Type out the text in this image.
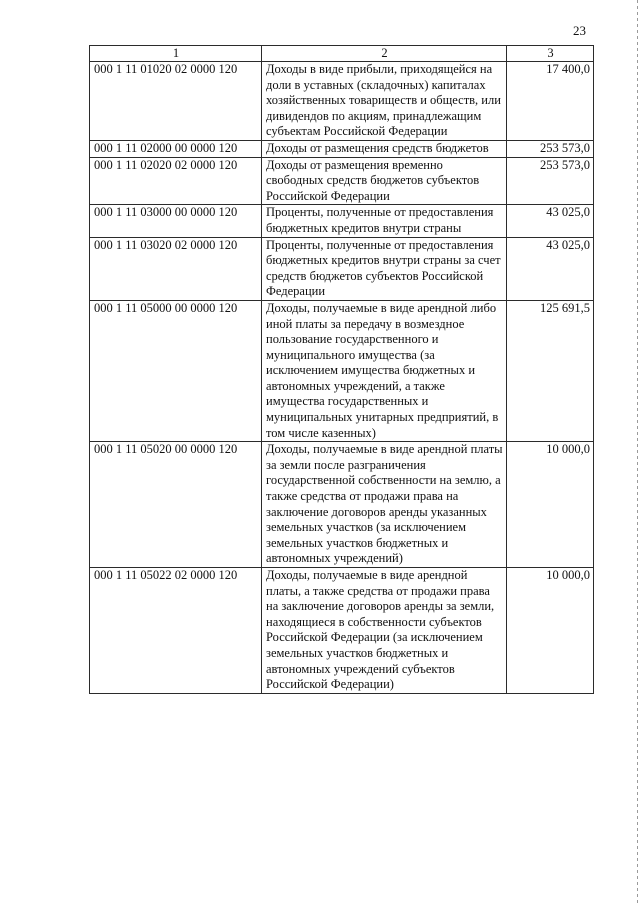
23
1	2	3
000 1 11 01020 02 0000 120	Доходы в виде прибыли, приходящейся на доли в уставных (складочных) капиталах хозяйственных товариществ и обществ, или дивидендов по акциям, принадлежащим субъектам Российской Федерации	17 400,0
000 1 11 02000 00 0000 120	Доходы от размещения средств бюджетов	253 573,0
000 1 11 02020 02 0000 120	Доходы от размещения временно свободных средств бюджетов субъектов Российской Федерации	253 573,0
000 1 11 03000 00 0000 120	Проценты, полученные от предоставления бюджетных кредитов внутри страны	43 025,0
000 1 11 03020 02 0000 120	Проценты, полученные от предоставления бюджетных кредитов внутри страны за счет средств бюджетов субъектов Российской Федерации	43 025,0
000 1 11 05000 00 0000 120	Доходы, получаемые в виде арендной либо иной платы за передачу в возмездное пользование государственного и муниципального имущества (за исключением имущества бюджетных и автономных учреждений, а также имущества государственных и муниципальных унитарных предприятий, в том числе казенных)	125 691,5
000 1 11 05020 00 0000 120	Доходы, получаемые в виде арендной платы за земли после разграничения государственной собственности на землю, а также средства от продажи права на заключение договоров аренды указанных земельных участков (за исключением земельных участков бюджетных и автономных учреждений)	10 000,0
000 1 11 05022 02 0000 120	Доходы, получаемые в виде арендной платы, а также средства от продажи права на заключение договоров аренды за земли, находящиеся в собственности субъектов Российской Федерации (за исключением земельных участков бюджетных и автономных учреждений субъектов Российской Федерации)	10 000,0
